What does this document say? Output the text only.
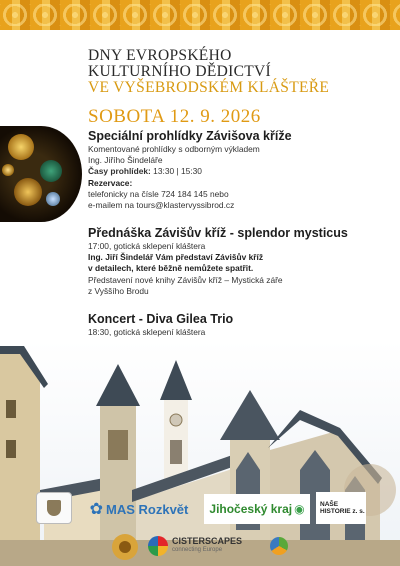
DNY EVROPSKÉHO
KULTURNÍHO DĚDICTVÍ
VE VYŠEBRODSKÉM KLÁŠTEŘE
SOBOTA 12. 9. 2026
Speciální prohlídky Závišova kříže
Komentované prohlídky s odborným výkladem
Ing. Jiřího Šindeláře
Časy prohlídek: 13:30 | 15:30
Rezervace:
telefonicky na čísle 724 184 145 nebo
e-mailem na tours@klastervyssibrod.cz
Přednáška Závišův kříž - splendor mysticus
17:00, gotická sklepení kláštera
Ing. Jiří Šindelář Vám představí Závišův kříž
v detailech, které běžně nemůžete spatřit.
Představení nové knihy Závišův kříž – Mystická záře
z Vyššího Brodu
Koncert - Diva Gilea Trio
18:30, gotická sklepení kláštera
✿ MAS Rozkvět Jihočeský kraj ◉ NAŠE
HISTORIE z. s.
CISTERSCAPES
connecting Europe
